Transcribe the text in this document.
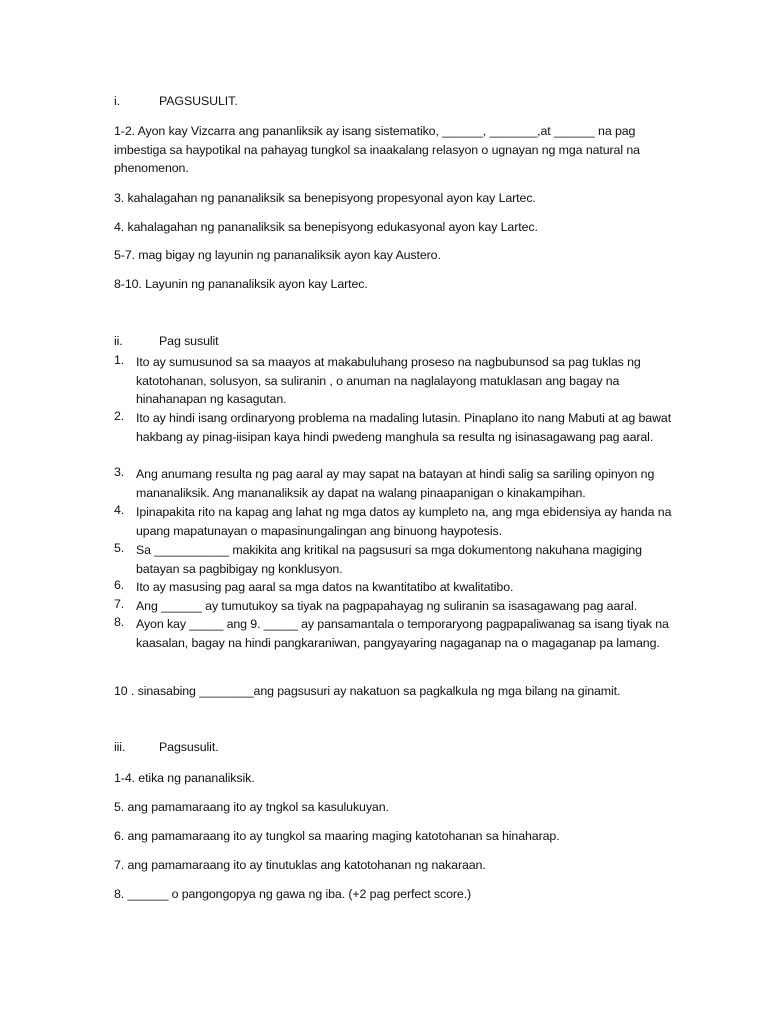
i.	PAGSUSULIT.
1-2. Ayon kay Vizcarra ang pananliksik ay isang sistematiko, ______, _______,at ______ na pag imbestiga sa haypotikal na pahayag tungkol sa inaakalang relasyon o ugnayan ng mga natural na phenomenon.
3. kahalagahan ng pananaliksik sa benepisyong propesyonal ayon kay Lartec.
4. kahalagahan ng pananaliksik sa benepisyong edukasyonal ayon kay Lartec.
5-7. mag bigay ng layunin ng pananaliksik ayon kay Austero.
8-10. Layunin ng pananaliksik ayon kay Lartec.
ii.	Pag susulit
1. Ito ay sumusunod sa sa maayos at makabuluhang proseso na nagbubunsod sa pag tuklas ng katotohanan, solusyon, sa suliranin , o anuman na naglalayong matuklasan ang bagay na hinahanapan ng kasagutan.
2. Ito ay hindi isang ordinaryong problema na madaling lutasin. Pinaplano ito nang Mabuti at ag bawat hakbang ay pinag-iisipan kaya hindi pwedeng manghula sa resulta ng isinasagawang pag aaral.
3. Ang anumang resulta ng pag aaral ay may sapat na batayan at hindi salig sa sariling opinyon ng mananaliksik. Ang mananaliksik ay dapat na walang pinaapanigan o kinakampihan.
4. Ipinapakita rito na kapag ang lahat ng mga datos ay kumpleto na, ang mga ebidensiya ay handa na upang mapatunayan o mapasinungalingan ang binuong haypotesis.
5. Sa ___________ makikita ang kritikal na pagsusuri sa mga dokumentong nakuhana magiging batayan sa pagbibigay ng konklusyon.
6. Ito ay masusing pag aaral sa mga datos na kwantitatibo at kwalitatibo.
7. Ang ______ ay tumutukoy sa tiyak na pagpapahayag ng suliranin sa isasagawang pag aaral.
8. Ayon kay _____ ang 9. _____ ay pansamantala o temporaryong pagpapaliwanag sa isang tiyak na kaasalan, bagay na hindi pangkaraniwan, pangyayaring nagaganap na o magaganap pa lamang.
10 . sinasabing ________ang pagsusuri ay nakatuon sa pagkalkula ng mga bilang na ginamit.
iii.	Pagsusulit.
1-4. etika ng pananaliksik.
5. ang pamamaraang ito ay tngkol sa kasulukuyan.
6. ang pamamaraang ito ay tungkol sa maaring maging katotohanan sa hinaharap.
7. ang pamamaraang ito ay tinutuklas ang katotohanan ng nakaraan.
8. ______ o pangongopya ng gawa ng iba. (+2 pag perfect score.)
